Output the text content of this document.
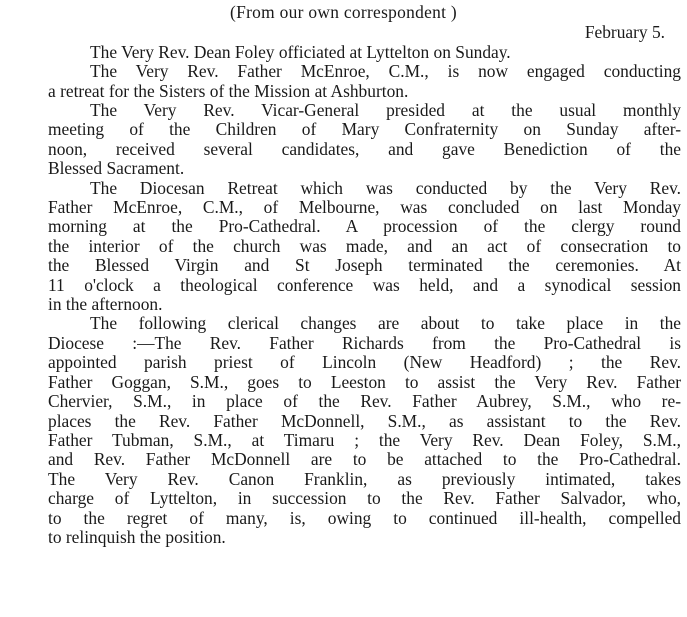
(From our own correspondent )
February 5.
The Very Rev. Dean Foley officiated at Lyttelton on Sunday.
The Very Rev. Father McEnroe, C.M., is now engaged conducting
a retreat for the Sisters of the Mission at Ashburton.
The Very Rev. Vicar-General presided at the usual monthly
meeting of the Children of Mary Confraternity on Sunday after-
noon, received several candidates, and gave Benediction of the
Blessed Sacrament.
The Diocesan Retreat which was conducted by the Very Rev.
Father McEnroe, C.M., of Melbourne, was concluded on last Monday
morning at the Pro-Cathedral. A procession of the clergy round
the interior of the church was made, and an act of consecration to
the Blessed Virgin and St Joseph terminated the ceremonies. At
11 o'clock a theological conference was held, and a synodical session
in the afternoon.
The following clerical changes are about to take place in the
Diocese :—The Rev. Father Richards from the Pro-Cathedral is
appointed parish priest of Lincoln (New Headford) ; the Rev.
Father Goggan, S.M., goes to Leeston to assist the Very Rev. Father
Chervier, S.M., in place of the Rev. Father Aubrey, S.M., who re-
places the Rev. Father McDonnell, S.M., as assistant to the Rev.
Father Tubman, S.M., at Timaru ; the Very Rev. Dean Foley, S.M.,
and Rev. Father McDonnell are to be attached to the Pro-Cathedral.
The Very Rev. Canon Franklin, as previously intimated, takes
charge of Lyttelton, in succession to the Rev. Father Salvador, who,
to the regret of many, is, owing to continued ill-health, compelled
to relinquish the position.
